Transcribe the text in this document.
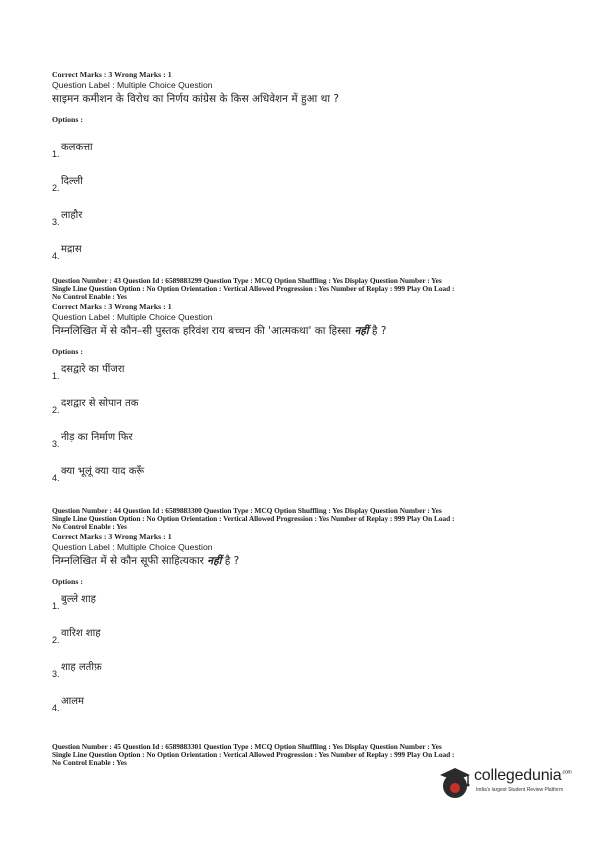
Correct Marks : 3 Wrong Marks : 1
Question Label : Multiple Choice Question
साइमन कमीशन के विरोध का निर्णय कांग्रेस के किस अधिवेशन में हुआ था ?
Options :
1.
कलकत्ता
2.
दिल्ली
3.
लाहौर
4.
मद्रास
Question Number : 43 Question Id : 6589883299 Question Type : MCQ Option Shuffling : Yes Display Question Number : Yes
Single Line Question Option : No Option Orientation : Vertical Allowed Progression : Yes Number of Replay : 999 Play On Load :
No Control Enable : Yes
Correct Marks : 3 Wrong Marks : 1
Question Label : Multiple Choice Question
निम्नलिखित में से कौन–सी पुस्तक हरिवंश राय बच्चन की 'आत्मकथा' का हिस्सा नहीं है ?
Options :
1.
दसद्वारे का पींजरा
2.
दशद्वार से सोपान तक
3.
नीड़ का निर्माण फिर
4.
क्या भूलूं क्या याद करूँ
Question Number : 44 Question Id : 6589883300 Question Type : MCQ Option Shuffling : Yes Display Question Number : Yes
Single Line Question Option : No Option Orientation : Vertical Allowed Progression : Yes Number of Replay : 999 Play On Load :
No Control Enable : Yes
Correct Marks : 3 Wrong Marks : 1
Question Label : Multiple Choice Question
निम्नलिखित में से कौन सूफी साहित्यकार नहीं है ?
Options :
1.
बुल्ले शाह
2.
वारिश शाह
3.
शाह लतीफ़
4.
आलम
Question Number : 45 Question Id : 6589883301 Question Type : MCQ Option Shuffling : Yes Display Question Number : Yes
Single Line Question Option : No Option Orientation : Vertical Allowed Progression : Yes Number of Replay : 999 Play On Load :
No Control Enable : Yes
collegedunia$^{.com}$
India's largest Student Review Platform
